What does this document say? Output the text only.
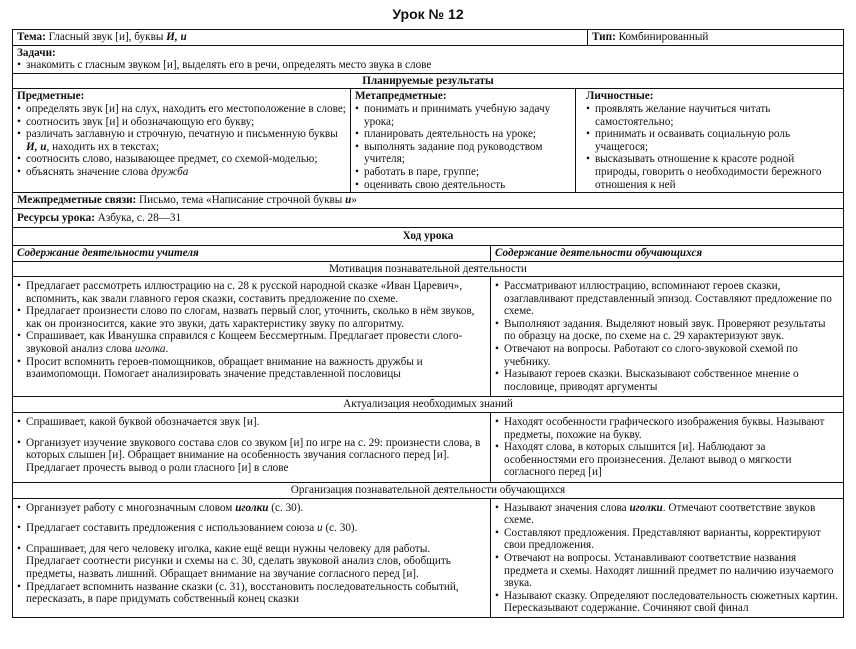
Урок № 12
Тема: Гласный звук [и], буквы И, и	Тип: Комбинированный
Задачи:
• знакомить с гласным звуком [и], выделять его в речи, определять место звука в слове
Планируемые результаты
Предметные:
• определять звук [и] на слух, находить его местоположение в слове;
• соотносить звук [и] и обозначающую его букву;
• различать заглавную и строчную, печатную и письменную буквы И, и, находить их в текстах;
• соотносить слово, называющее предмет, со схемой-моделью;
• объяснять значение слова дружба
Метапредметные:
• понимать и принимать учебную задачу урока;
• планировать деятельность на уроке;
• выполнять задание под руководством учителя;
• работать в паре, группе;
• оценивать свою деятельность
Личностные:
• проявлять желание научиться читать самостоятельно;
• принимать и осваивать социальную роль учащегося;
• высказывать отношение к красоте родной природы, говорить о необходимости бережного отношения к ней
Межпредметные связи: Письмо, тема «Написание строчной буквы и»
Ресурсы урока: Азбука, с. 28—31
Ход урока
Содержание деятельности учителя	Содержание деятельности обучающихся
Мотивация познавательной деятельности
• Предлагает рассмотреть иллюстрацию на с. 28 к русской народной сказке «Иван Царевич», вспомнить, как звали главного героя сказки, составить предложение по схеме.
• Предлагает произнести слово по слогам, назвать первый слог, уточнить, сколько в нём звуков, как он произносится, какие это звуки, дать характеристику звуку по алгоритму.
• Спрашивает, как Иванушка справился с Кощеем Бессмертным. Предлагает провести слого-звуковой анализ слова иголка.
• Просит вспомнить героев-помощников, обращает внимание на важность дружбы и взаимопомощи. Помогает анализировать значение представленной пословицы
• Рассматривают иллюстрацию, вспоминают героев сказки, озаглавливают представленный эпизод. Составляют предложение по схеме.
• Выполняют задания. Выделяют новый звук. Проверяют результаты по образцу на доске, по схеме на с. 29 характеризуют звук.
• Отвечают на вопросы. Работают со слого-звуковой схемой по учебнику.
• Называют героев сказки. Высказывают собственное мнение о пословице, приводят аргументы
Актуализация необходимых знаний
• Спрашивает, какой буквой обозначается звук [и].
• Организует изучение звукового состава слов со звуком [и] по игре на с. 29: произнести слова, в которых слышен [и]. Обращает внимание на особенность звучания согласного перед [и]. Предлагает прочесть вывод о роли гласного [и] в слове
• Находят особенности графического изображения буквы. Называют предметы, похожие на букву.
• Находят слова, в которых слышится [и]. Наблюдают за особенностями его произнесения. Делают вывод о мягкости согласного перед [и]
Организация познавательной деятельности обучающихся
• Организует работу с многозначным словом иголки (с. 30).
• Предлагает составить предложения с использованием союза и (с. 30).
• Спрашивает, для чего человеку иголка, какие ещё вещи нужны человеку для работы. Предлагает соотнести рисунки и схемы на с. 30, сделать звуковой анализ слов, обобщить предметы, назвать лишний. Обращает внимание на звучание согласного перед [и].
• Предлагает вспомнить название сказки (с. 31), восстановить последовательность событий, пересказать, в паре придумать собственный конец сказки
• Называют значения слова иголки. Отмечают соответствие звуков схеме.
• Составляют предложения. Представляют варианты, корректируют свои предложения.
• Отвечают на вопросы. Устанавливают соответствие названия предмета и схемы. Находят лишний предмет по наличию изучаемого звука.
• Называют сказку. Определяют последовательность сюжетных картин. Пересказывают содержание. Сочиняют свой финал
